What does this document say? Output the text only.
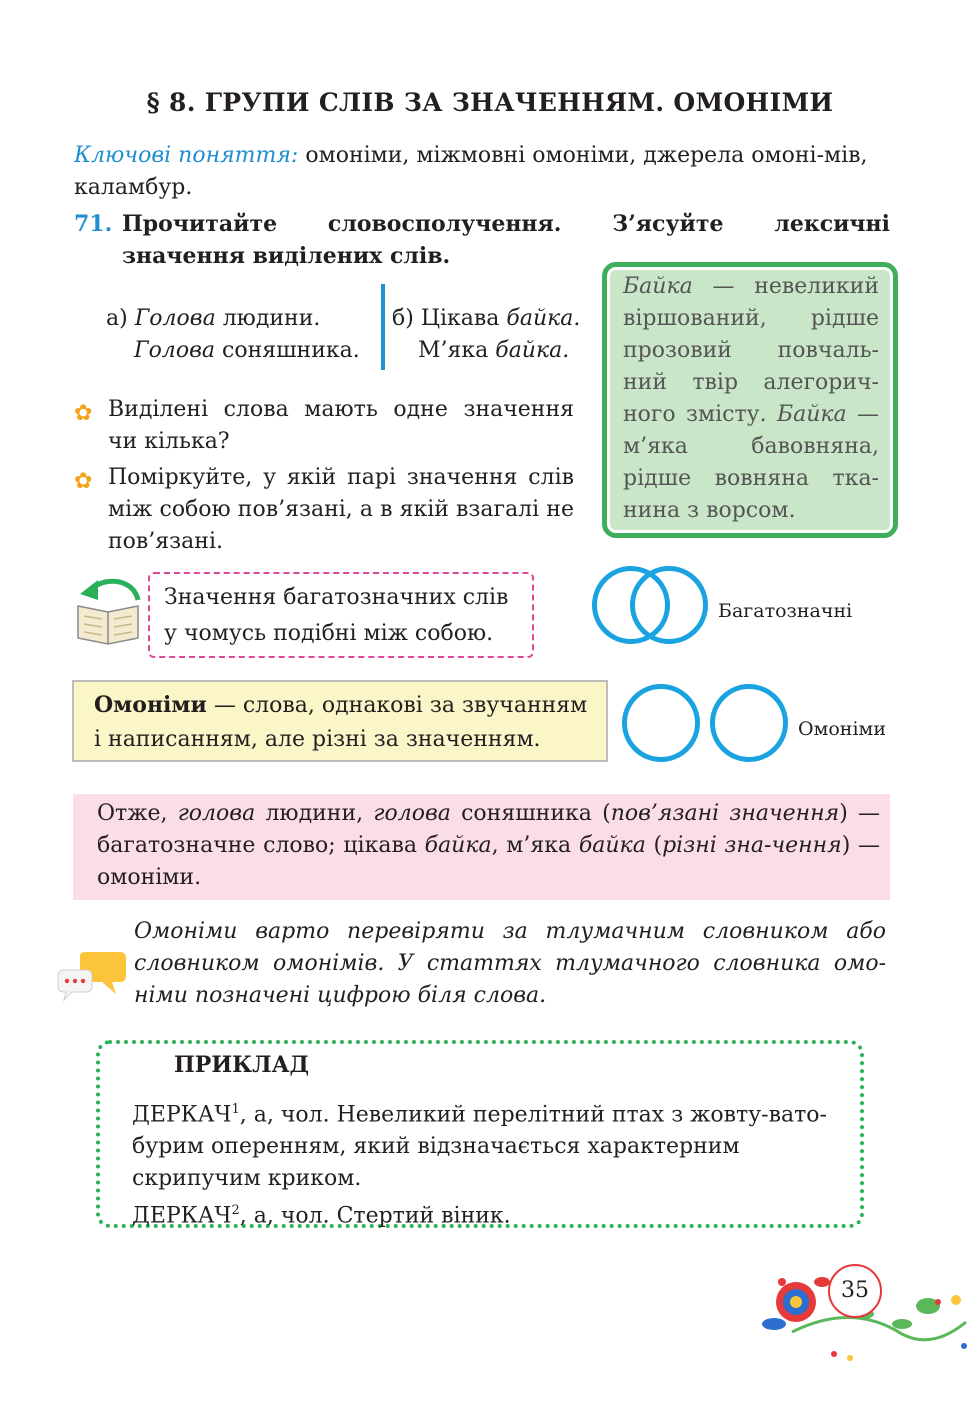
§ 8. ГРУПИ СЛІВ ЗА ЗНАЧЕННЯМ. ОМОНІМИ
Ключові поняття: омоніми, міжмовні омоніми, джерела омоні-мів, каламбур.
71. Прочитайте словосполучення. З’ясуйте лексичні значення виділених слів.
а) Голова людини.
Голова соняшника.
б) Цікава байка.
М’яка байка.
Байка — невеликий віршований, рідше прозовий повчаль-ний твір алегорич-ного змісту. Байка — м’яка бавовняна, рідше вовняна тка-нина з ворсом.
✿ Виділені слова мають одне значення чи кілька?
✿ Поміркуйте, у якій парі значення слів між собою пов’язані, а в якій взагалі не пов’язані.
Значення багатозначних слів
у чомусь подібні між собою.
Багатозначні
Омоніми — слова, однакові за звучанням
і написанням, але різні за значенням.	Омоніми
Отже, голова людини, голова соняшника (пов’язані значення) — багатозначне слово; цікава байка, м’яка байка (різні зна-чення) — омоніми.
Омоніми варто перевіряти за тлумачним словником або словником омонімів. У статтях тлумачного словника омо-німи позначені цифрою біля слова.
ПРИКЛАД
ДЕРКАЧ$^1$, а, чол. Невеликий перелітний птах з жовту-вато-бурим оперенням, який відзначається характерним скрипучим криком.
ДЕРКАЧ$^2$, а, чол. Стертий віник.
35
